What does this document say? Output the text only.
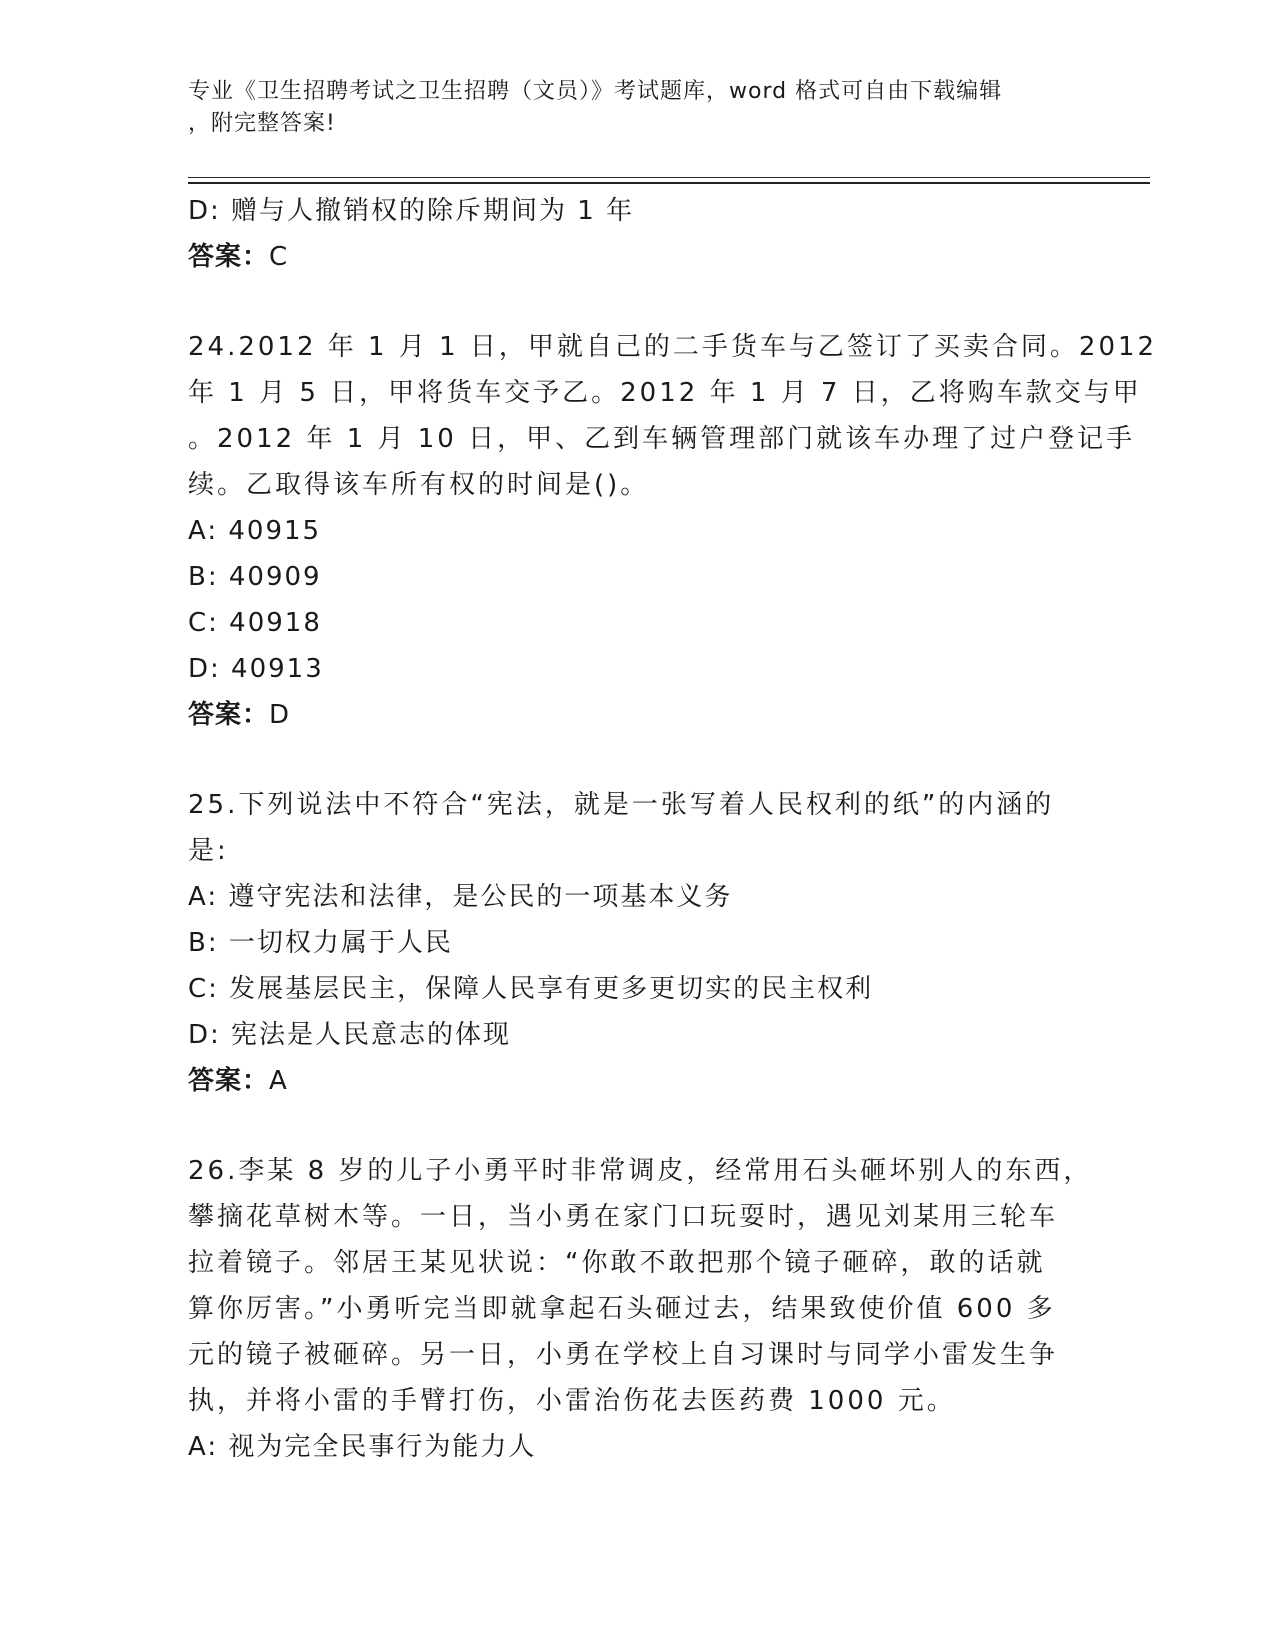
专业《卫生招聘考试之卫生招聘（文员）》考试题库，word 格式可自由下载编辑
，附完整答案!
D: 赠与人撤销权的除斥期间为 1 年
答案：C
24.2012 年 1 月 1 日，甲就自己的二手货车与乙签订了买卖合同。2012
年 1 月 5 日，甲将货车交予乙。2012 年 1 月 7 日，乙将购车款交与甲
。2012 年 1 月 10 日，甲、乙到车辆管理部门就该车办理了过户登记手
续。乙取得该车所有权的时间是()。
A: 40915
B: 40909
C: 40918
D: 40913
答案：D
25.下列说法中不符合“宪法，就是一张写着人民权利的纸”的内涵的
是:
A: 遵守宪法和法律，是公民的一项基本义务
B: 一切权力属于人民
C: 发展基层民主，保障人民享有更多更切实的民主权利
D: 宪法是人民意志的体现
答案：A
26.李某 8 岁的儿子小勇平时非常调皮，经常用石头砸坏别人的东西，
攀摘花草树木等。一日，当小勇在家门口玩耍时，遇见刘某用三轮车
拉着镜子。邻居王某见状说：“你敢不敢把那个镜子砸碎，敢的话就
算你厉害。”小勇听完当即就拿起石头砸过去，结果致使价值 600 多
元的镜子被砸碎。另一日，小勇在学校上自习课时与同学小雷发生争
执，并将小雷的手臂打伤，小雷治伤花去医药费 1000 元。
A: 视为完全民事行为能力人
